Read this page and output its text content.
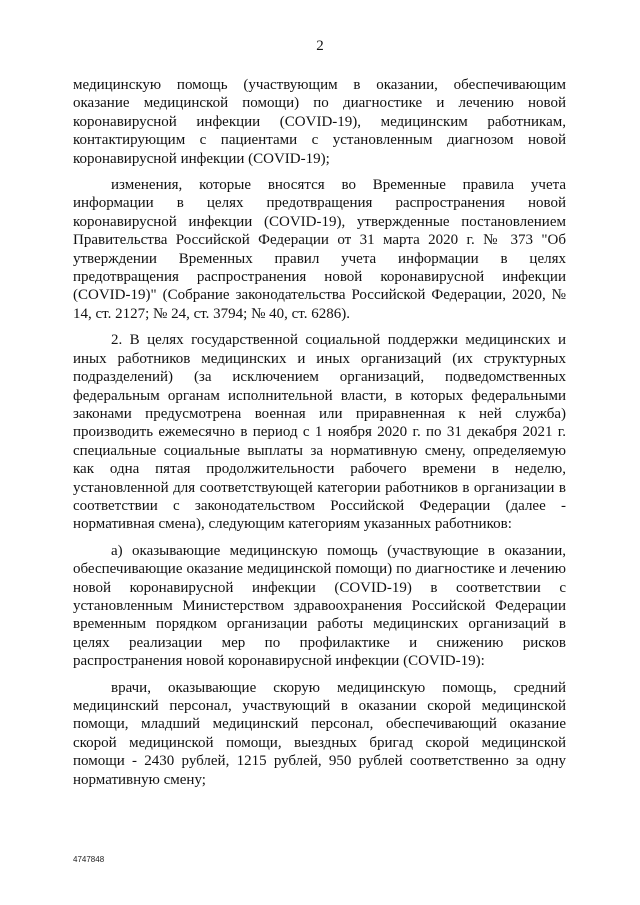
2

медицинскую помощь (участвующим в оказании, обеспечивающим оказание медицинской помощи) по диагностике и лечению новой коронавирусной инфекции (COVID-19), медицинским работникам, контактирующим с пациентами с установленным диагнозом новой коронавирусной инфекции (COVID-19);

изменения, которые вносятся во Временные правила учета информации в целях предотвращения распространения новой коронавирусной инфекции (COVID-19), утвержденные постановлением Правительства Российской Федерации от 31 марта 2020 г. № 373 "Об утверждении Временных правил учета информации в целях предотвращения распространения новой коронавирусной инфекции (COVID-19)" (Собрание законодательства Российской Федерации, 2020, № 14, ст. 2127; № 24, ст. 3794; № 40, ст. 6286).

2. В целях государственной социальной поддержки медицинских и иных работников медицинских и иных организаций (их структурных подразделений) (за исключением организаций, подведомственных федеральным органам исполнительной власти, в которых федеральными законами предусмотрена военная или приравненная к ней служба) производить ежемесячно в период с 1 ноября 2020 г. по 31 декабря 2021 г. специальные социальные выплаты за нормативную смену, определяемую как одна пятая продолжительности рабочего времени в неделю, установленной для соответствующей категории работников в организации в соответствии с законодательством Российской Федерации (далее - нормативная смена), следующим категориям указанных работников:

а) оказывающие медицинскую помощь (участвующие в оказании, обеспечивающие оказание медицинской помощи) по диагностике и лечению новой коронавирусной инфекции (COVID-19) в соответствии с установленным Министерством здравоохранения Российской Федерации временным порядком организации работы медицинских организаций в целях реализации мер по профилактике и снижению рисков распространения новой коронавирусной инфекции (COVID-19):

врачи, оказывающие скорую медицинскую помощь, средний медицинский персонал, участвующий в оказании скорой медицинской помощи, младший медицинский персонал, обеспечивающий оказание скорой медицинской помощи, выездных бригад скорой медицинской помощи - 2430 рублей, 1215 рублей, 950 рублей соответственно за одну нормативную смену;

4747848
